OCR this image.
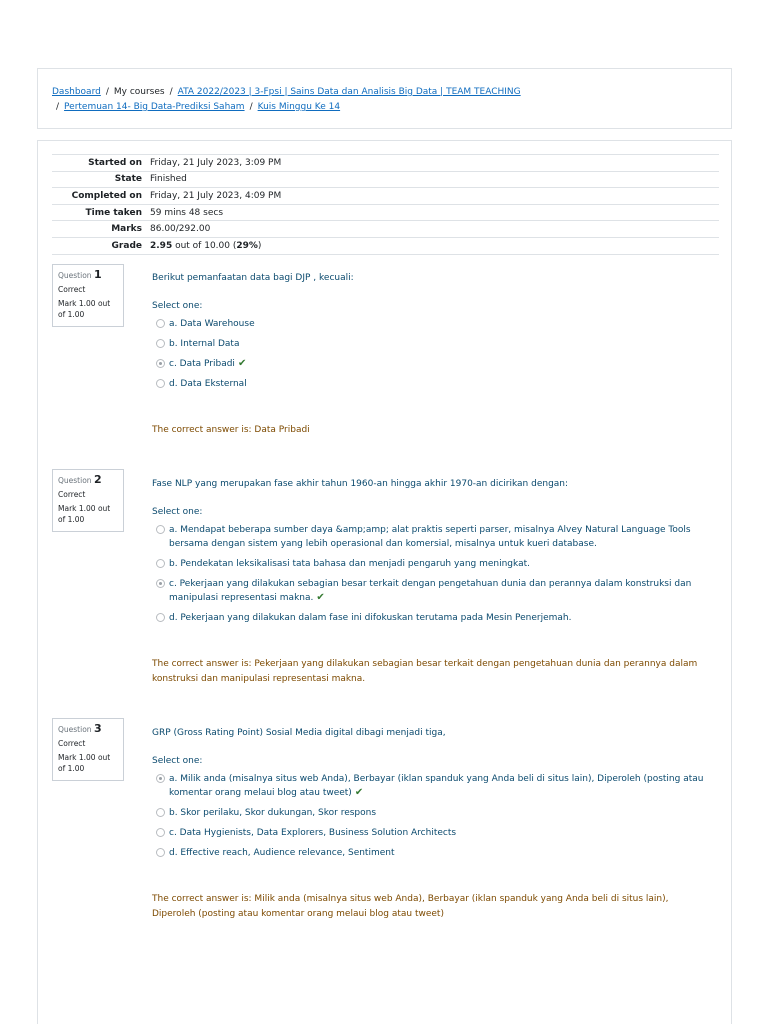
Dashboard / My courses / ATA 2022/2023 | 3-Fpsi | Sains Data dan Analisis Big Data | TEAM TEACHING
/ Pertemuan 14- Big Data-Prediksi Saham / Kuis Minggu Ke 14
Started on	Friday, 21 July 2023, 3:09 PM
State	Finished
Completed on	Friday, 21 July 2023, 4:09 PM
Time taken	59 mins 48 secs
Marks	86.00/292.00
Grade	2.95 out of 10.00 (29%)
Question 1
Correct
Mark 1.00 out of 1.00
Berikut pemanfaatan data bagi DJP , kecuali:
Select one:
a. Data Warehouse
b. Internal Data
c. Data Pribadi ✔
d. Data Eksternal
The correct answer is: Data Pribadi
Question 2
Correct
Mark 1.00 out of 1.00
Fase NLP yang merupakan fase akhir tahun 1960-an hingga akhir 1970-an dicirikan dengan:
Select one:
a. Mendapat beberapa sumber daya &amp;amp; alat praktis seperti parser, misalnya Alvey Natural Language Tools bersama dengan sistem yang lebih operasional dan komersial, misalnya untuk kueri database.
b. Pendekatan leksikalisasi tata bahasa dan menjadi pengaruh yang meningkat.
c. Pekerjaan yang dilakukan sebagian besar terkait dengan pengetahuan dunia dan perannya dalam konstruksi dan manipulasi representasi makna. ✔
d. Pekerjaan yang dilakukan dalam fase ini difokuskan terutama pada Mesin Penerjemah.
The correct answer is: Pekerjaan yang dilakukan sebagian besar terkait dengan pengetahuan dunia dan perannya dalam konstruksi dan manipulasi representasi makna.
Question 3
Correct
Mark 1.00 out of 1.00
GRP (Gross Rating Point) Sosial Media digital dibagi menjadi tiga,
Select one:
a. Milik anda (misalnya situs web Anda), Berbayar (iklan spanduk yang Anda beli di situs lain), Diperoleh (posting atau komentar orang melaui blog atau tweet) ✔
b. Skor perilaku, Skor dukungan, Skor respons
c. Data Hygienists, Data Explorers, Business Solution Architects
d. Effective reach, Audience relevance, Sentiment
The correct answer is: Milik anda (misalnya situs web Anda), Berbayar (iklan spanduk yang Anda beli di situs lain), Diperoleh (posting atau komentar orang melaui blog atau tweet)
